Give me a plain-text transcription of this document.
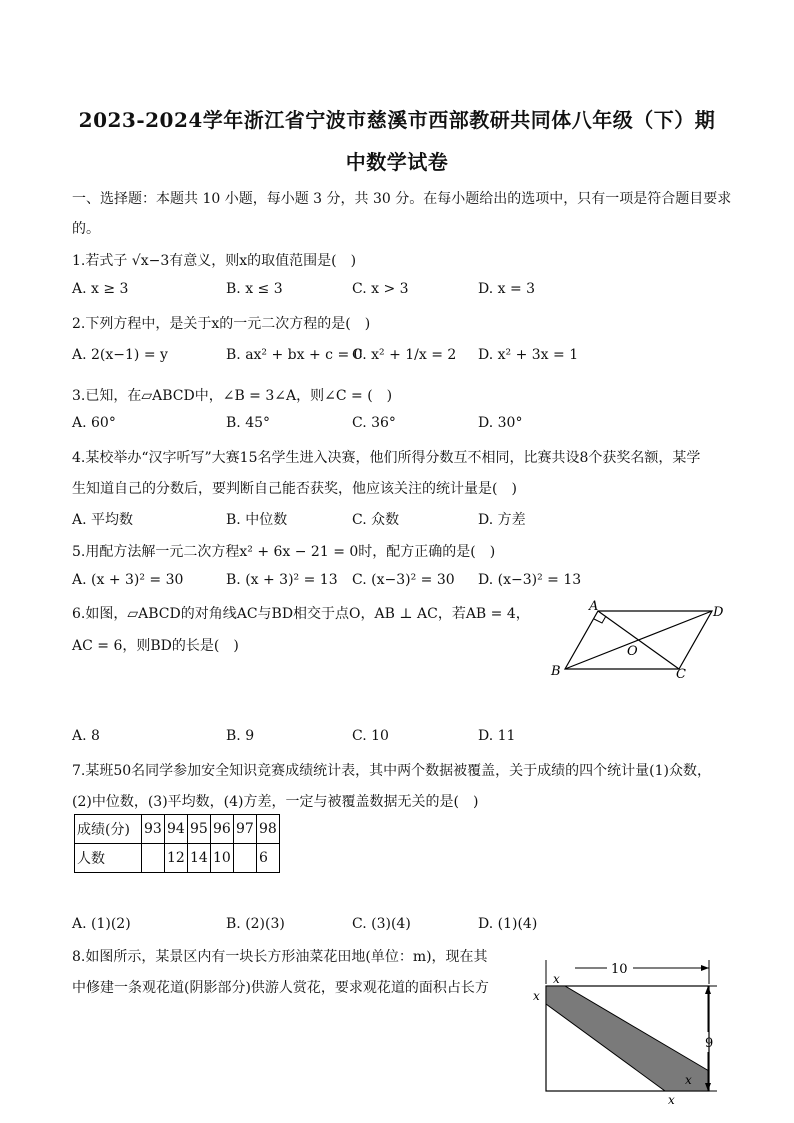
2023-2024学年浙江省宁波市慈溪市西部教研共同体八年级（下）期
中数学试卷
一、选择题：本题共 10 小题，每小题 3 分，共 30 分。在每小题给出的选项中，只有一项是符合题目要求
的。
1.若式子 √x−3有意义，则x的取值范围是(　)
A. x ≥ 3	B. x ≤ 3	C. x > 3	D. x = 3
2.下列方程中，是关于x的一元二次方程的是(　)
A. 2(x−1) = y	B. ax² + bx + c = 0
C. x² + 1/x = 2 D. x² + 3x = 1
3.已知，在▱ABCD中，∠B = 3∠A，则∠C = (　)
A. 60°	B. 45°	C. 36°	D. 30°
4.某校举办“汉字听写”大赛15名学生进入决赛，他们所得分数互不相同，比赛共设8个获奖名额，某学
生知道自己的分数后，要判断自己能否获奖，他应该关注的统计量是(　)
A. 平均数	B. 中位数	C. 众数	D. 方差
5.用配方法解一元二次方程x² + 6x − 21 = 0时，配方正确的是(　)
A. (x + 3)² = 30	B. (x + 3)² = 13 C. (x−3)² = 30 D. (x−3)² = 13
6.如图，▱ABCD的对角线AC与BD相交于点O，AB ⊥ AC，若AB = 4，
AC = 6，则BD的长是(　)
A	D
B	C
O
A. 8	B. 9	C. 10	D. 11
7.某班50名同学参加安全知识竞赛成绩统计表，其中两个数据被覆盖，关于成绩的四个统计量(1)众数，
(2)中位数，(3)平均数，(4)方差，一定与被覆盖数据无关的是(　)
成绩(分)	93	94	95	96	97	98
人数		12	14	10		6
A. (1)(2)	B. (2)(3)	C. (3)(4)	D. (1)(4)
8.如图所示，某景区内有一块长方形油菜花田地(单位：m)，现在其
中修建一条观花道(阴影部分)供游人赏花，要求观花道的面积占长方
10
9
x
x
x
x
